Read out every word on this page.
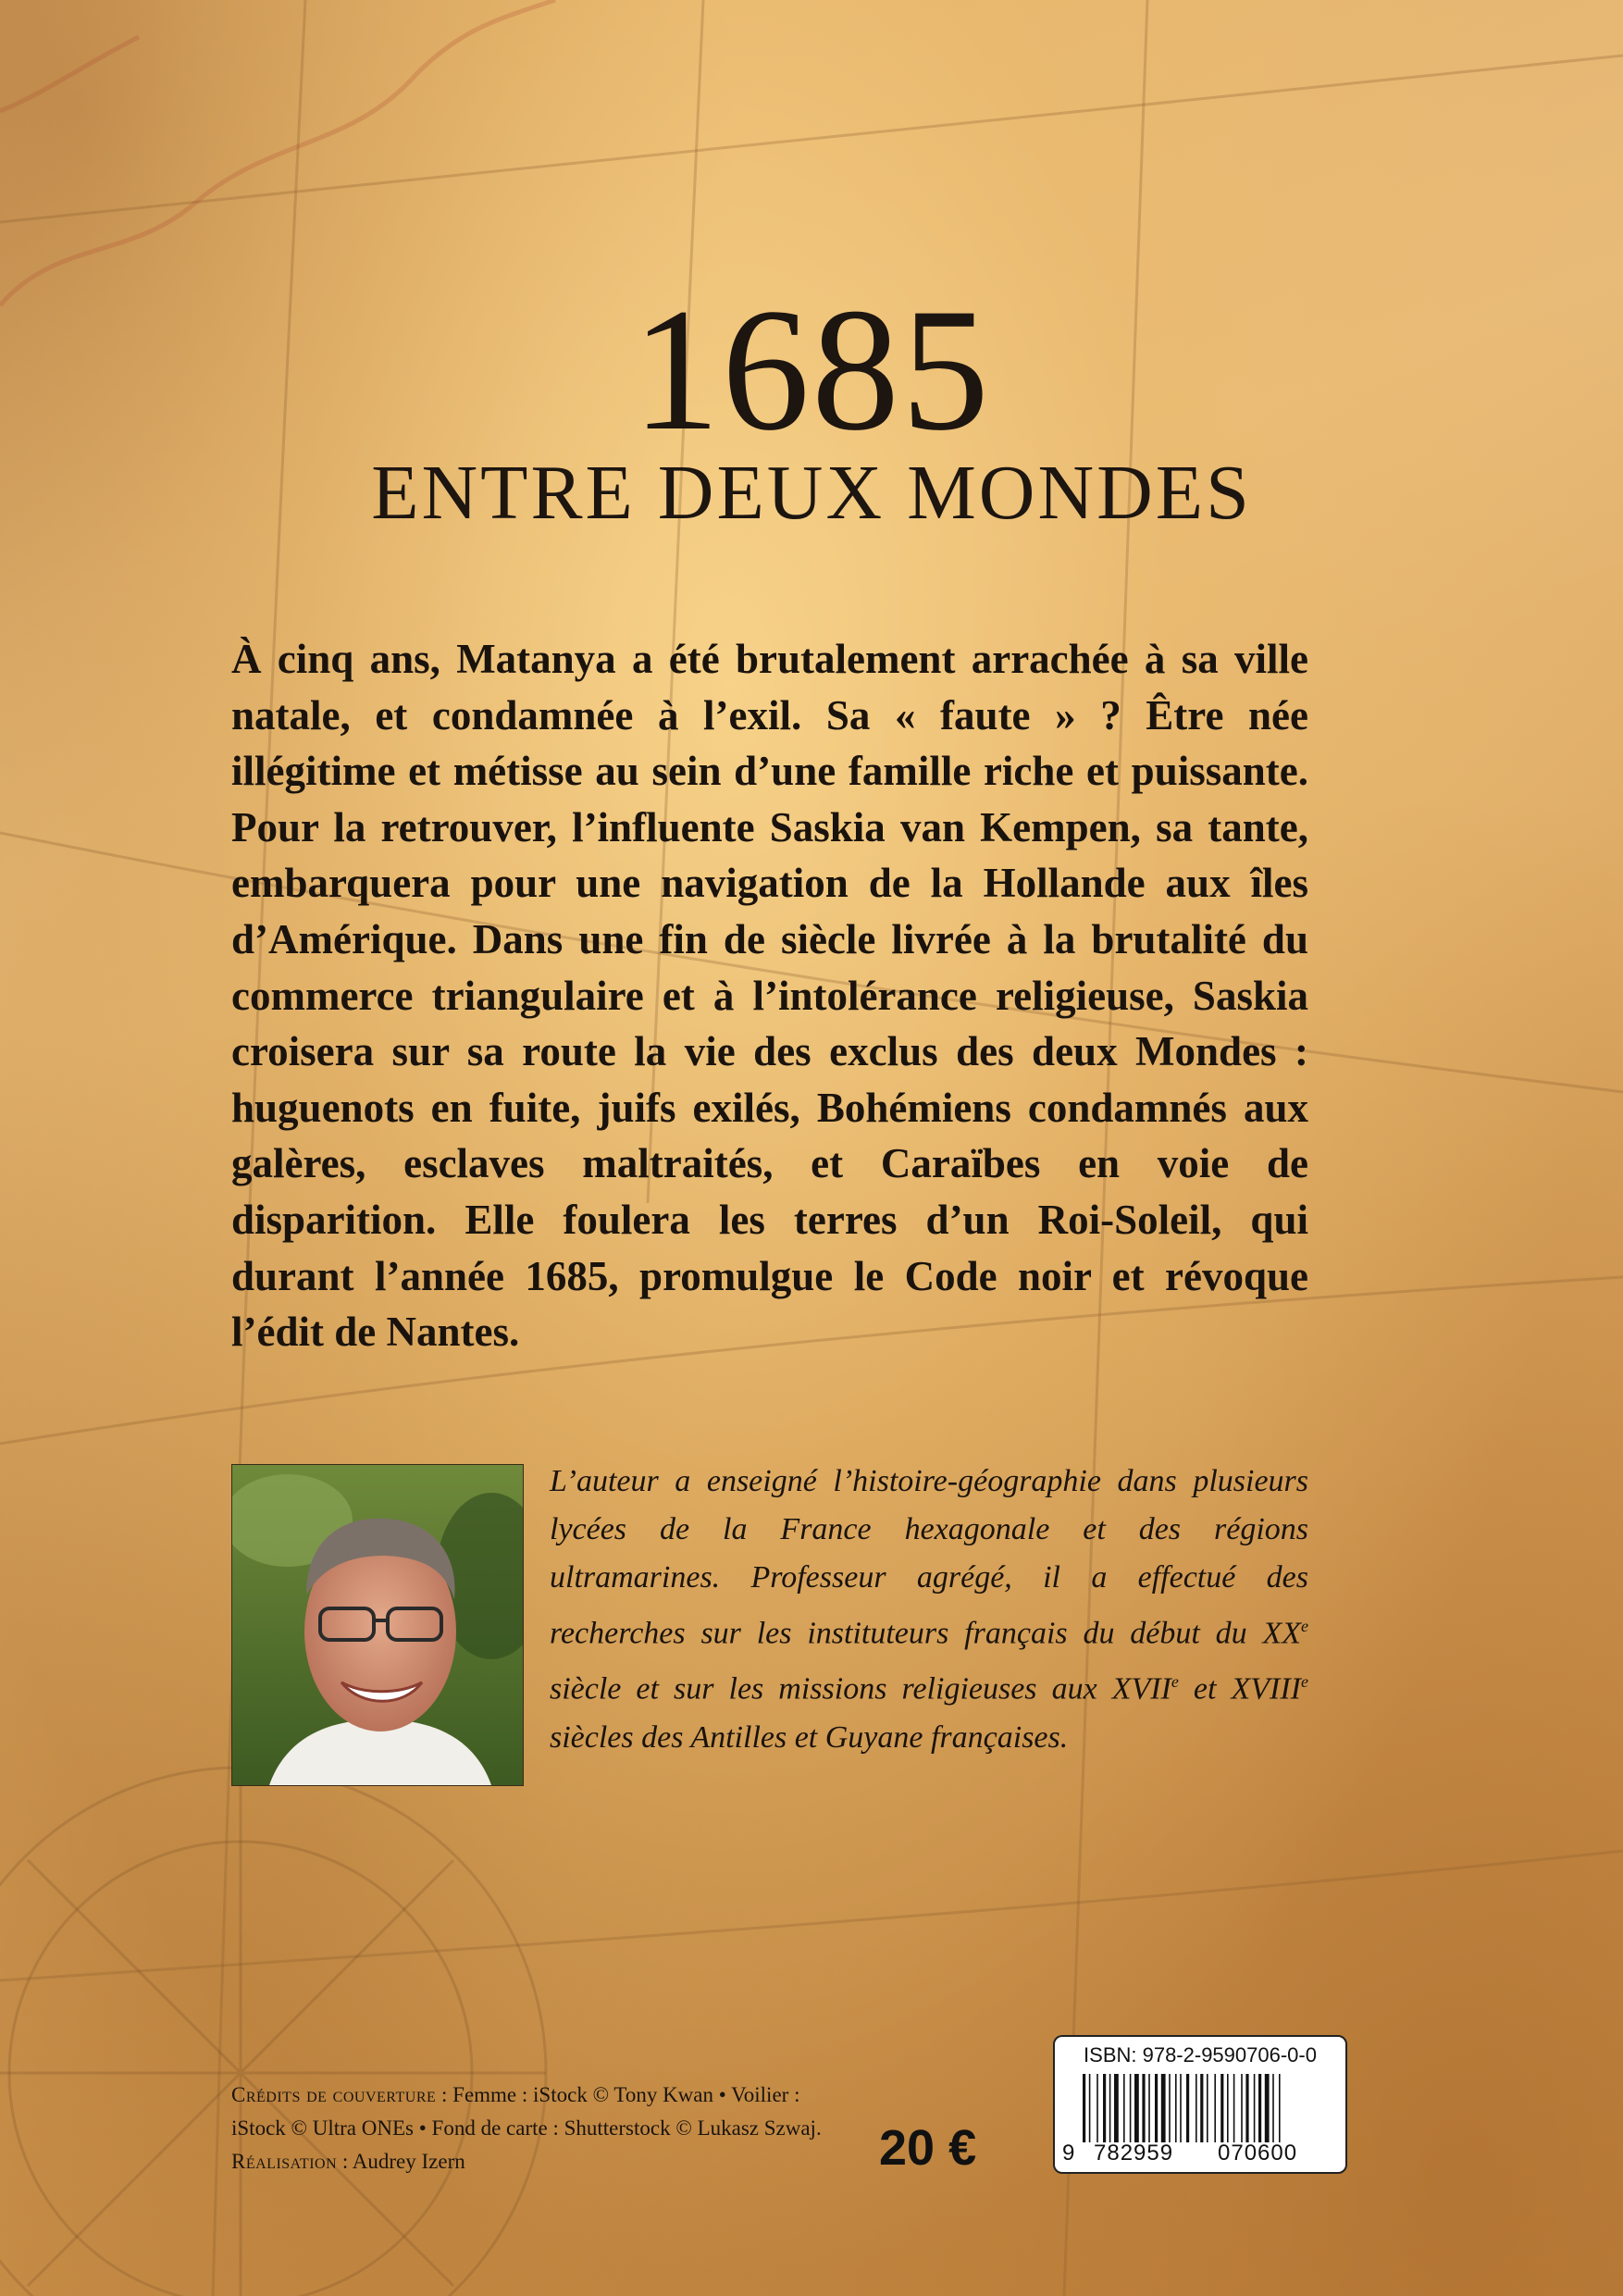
1685
ENTRE DEUX MONDES

À cinq ans, Matanya a été brutalement arrachée à sa ville natale, et condamnée à l’exil. Sa « faute » ? Être née illégitime et métisse au sein d’une famille riche et puissante. Pour la retrouver, l’influente Saskia van Kempen, sa tante, embarquera pour une navigation de la Hollande aux îles d’Amérique. Dans une fin de siècle livrée à la brutalité du commerce triangulaire et à l’intolérance religieuse, Saskia croisera sur sa route la vie des exclus des deux Mondes : huguenots en fuite, juifs exilés, Bohémiens condamnés aux galères, esclaves maltraités, et Caraïbes en voie de disparition. Elle foulera les terres d’un Roi-Soleil, qui durant l’année 1685, promulgue le Code noir et révoque l’édit de Nantes.

L’auteur a enseigné l’histoire-géographie dans plusieurs lycées de la France hexagonale et des régions ultramarines. Professeur agrégé, il a effectué des recherches sur les instituteurs français du début du XXe siècle et sur les missions religieuses aux XVIIe et XVIIIe siècles des Antilles et Guyane françaises.

Crédits de couverture : Femme : iStock © Tony Kwan • Voilier : iStock © Ultra ONEs • Fond de carte : Shutterstock © Lukasz Szwaj. Réalisation : Audrey Izern	20 €
ISBN: 978-2-9590706-0-0
9 782959 070600
